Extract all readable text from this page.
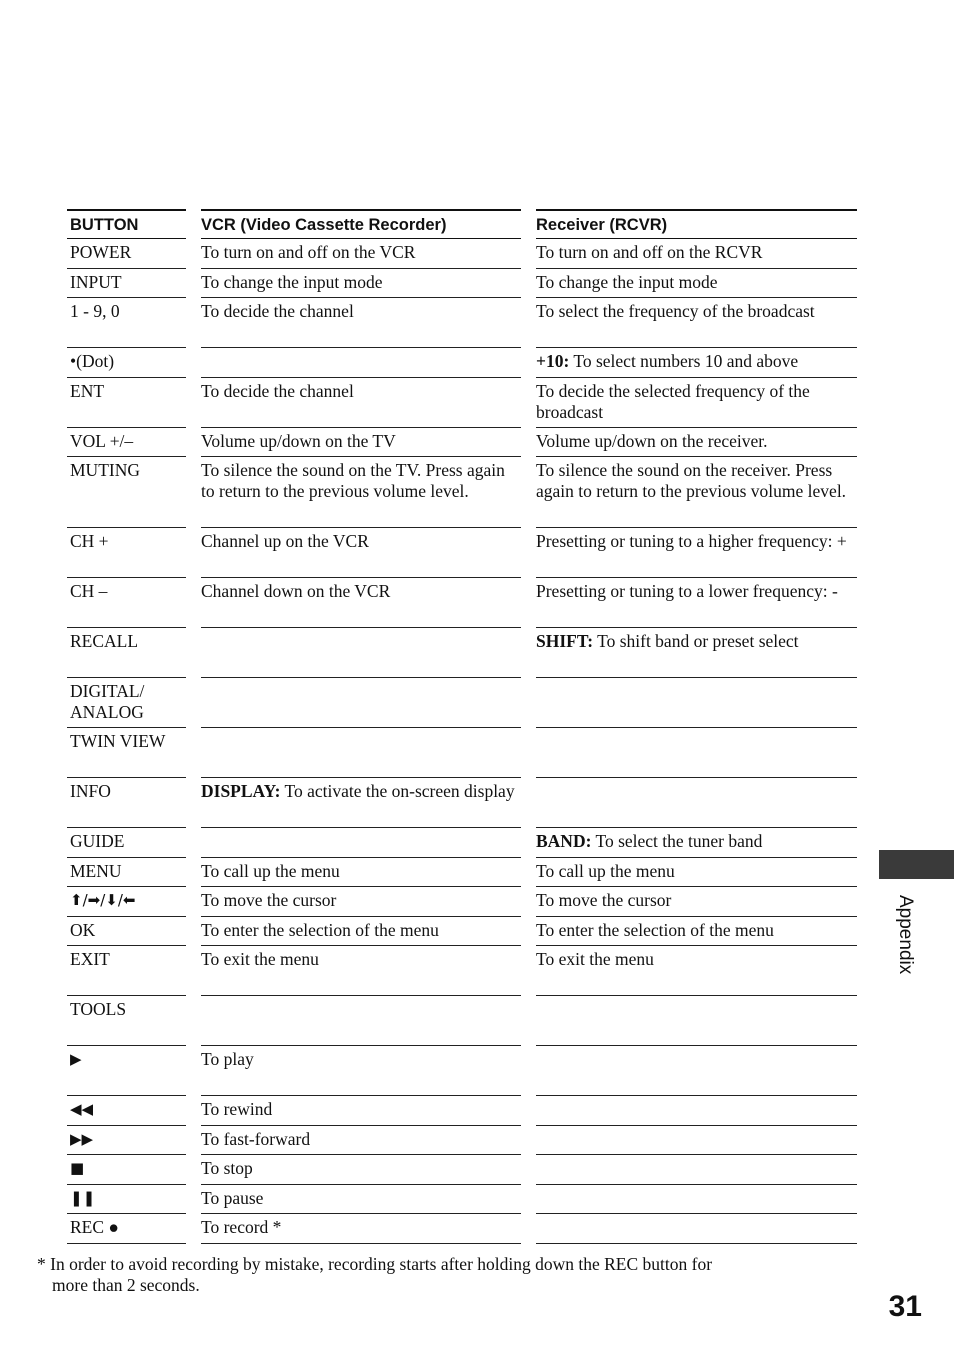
BUTTON
POWER
INPUT
1 - 9, 0
•(Dot)
ENT
VOL +/–
MUTING
CH +
CH –
RECALL
DIGITAL/ ANALOG
TWIN VIEW
INFO
GUIDE
MENU
⬆/➡/⬇/⬅
OK
EXIT
TOOLS
▶
◀◀
▶▶
■
❚❚
REC ●
VCR (Video Cassette Recorder)
To turn on and off on the VCR
To change the input mode
To decide the channel
To decide the channel
Volume up/down on the TV
To silence the sound on the TV. Press again to return to the previous volume level.
Channel up on the VCR
Channel down on the VCR
DISPLAY: To activate the on-screen display
To call up the menu
To move the cursor
To enter the selection of the menu
To exit the menu
To play
To rewind
To fast-forward
To stop
To pause
To record *
Receiver (RCVR)
To turn on and off on the RCVR
To change the input mode
To select the frequency of the broadcast
+10: To select numbers 10 and above
To decide the selected frequency of the broadcast
Volume up/down on the receiver.
To silence the sound on the receiver. Press again to return to the previous volume level.
Presetting or tuning to a higher frequency: +
Presetting or tuning to a lower frequency: -
SHIFT: To shift band or preset select
BAND: To select the tuner band
To call up the menu
To move the cursor
To enter the selection of the menu
To exit the menu
* In order to avoid recording by mistake, recording starts after holding down the REC button for
more than 2 seconds.
Appendix
31
